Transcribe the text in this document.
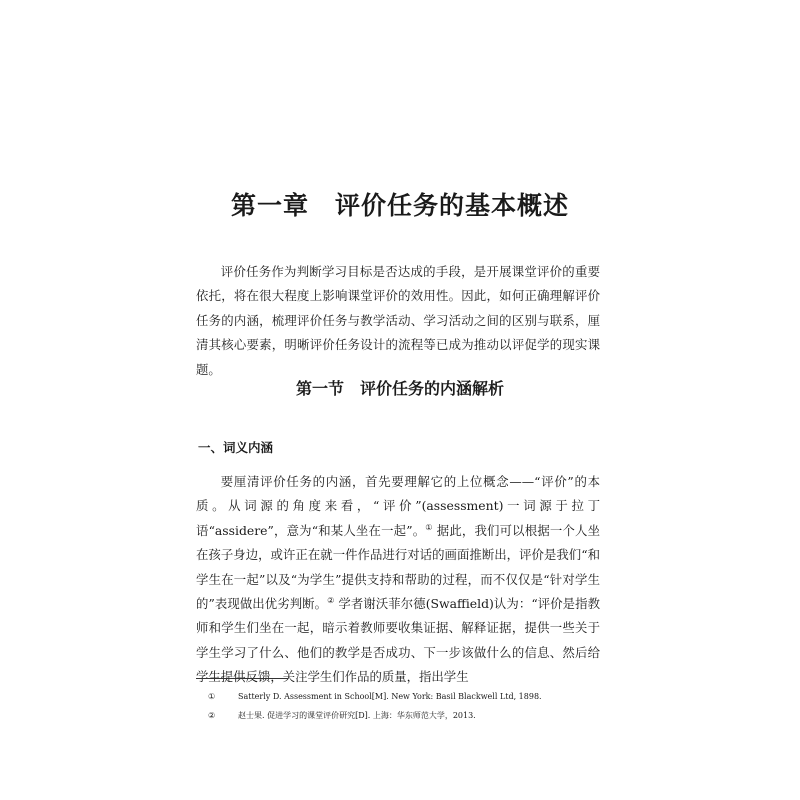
第一章　评价任务的基本概述

评价任务作为判断学习目标是否达成的手段，是开展课堂评价的重要依托，将在很大程度上影响课堂评价的效用性。因此，如何正确理解评价任务的内涵，梳理评价任务与教学活动、学习活动之间的区别与联系，厘清其核心要素，明晰评价任务设计的流程等已成为推动以评促学的现实课题。

第一节　评价任务的内涵解析
一、词义内涵

要厘清评价任务的内涵，首先要理解它的上位概念——“评价”的本质。从词源的角度来看，“评价”(assessment)一词源于拉丁语“assidere”，意为“和某人坐在一起”。① 据此，我们可以根据一个人坐在孩子身边，或许正在就一件作品进行对话的画面推断出，评价是我们“和学生在一起”以及“为学生”提供支持和帮助的过程，而不仅仅是“针对学生的”表现做出优劣判断。② 学者谢沃菲尔德(Swaffield)认为：“评价是指教师和学生们坐在一起，暗示着教师要收集证据、解释证据，提供一些关于学生学习了什么、他们的教学是否成功、下一步该做什么的信息、然后给学生提供反馈，关注学生们作品的质量，指出学生

①	Satterly D. Assessment in School[M]. New York: Basil Blackwell Ltd, 1898.
②	赵士果. 促进学习的课堂评价研究[D]. 上海：华东师范大学，2013.
